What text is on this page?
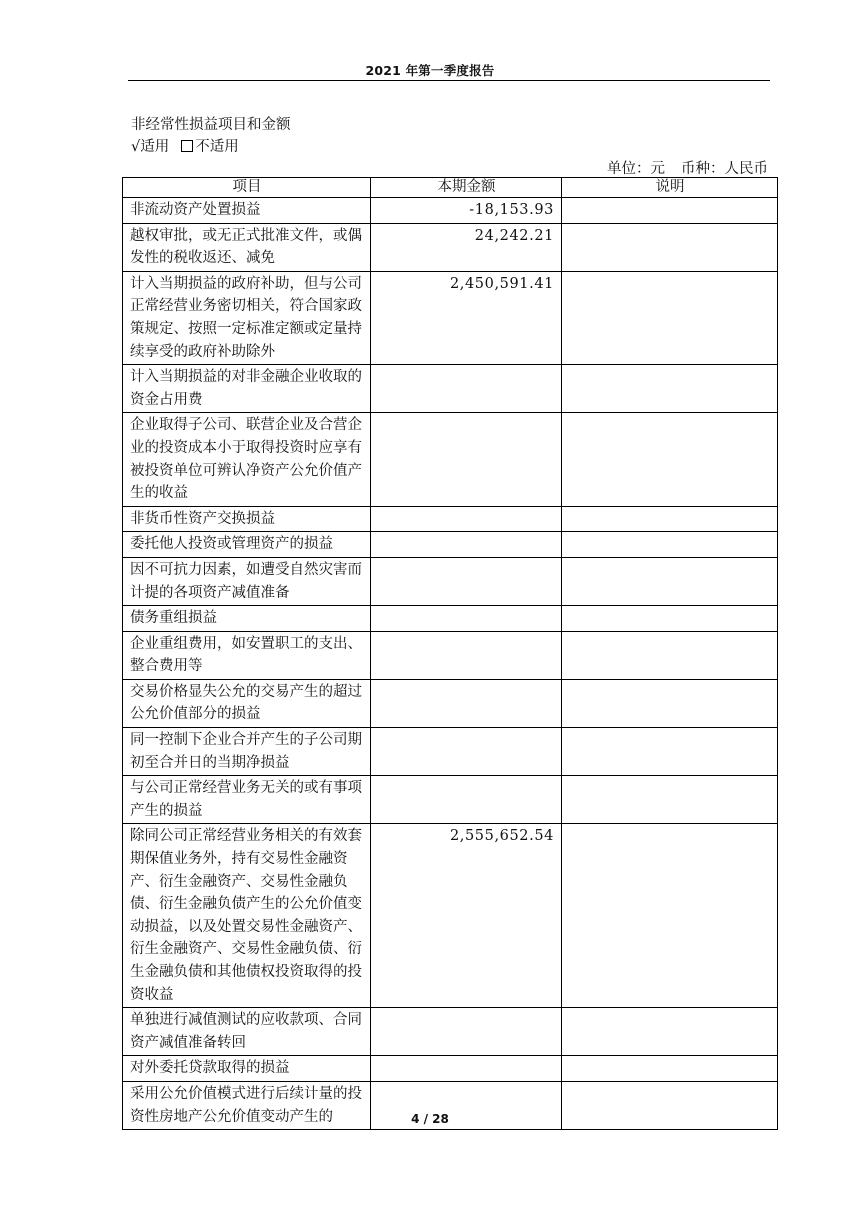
2021 年第一季度报告
非经常性损益项目和金额
√适用 不适用
单位：元 币种：人民币
项目	本期金额	说明
非流动资产处置损益	-18,153.93	
越权审批，或无正式批准文件，或偶发性的税收返还、减免	24,242.21	
计入当期损益的政府补助，但与公司正常经营业务密切相关，符合国家政策规定、按照一定标准定额或定量持续享受的政府补助除外	2,450,591.41	
计入当期损益的对非金融企业收取的资金占用费		
企业取得子公司、联营企业及合营企业的投资成本小于取得投资时应享有被投资单位可辨认净资产公允价值产生的收益		
非货币性资产交换损益		
委托他人投资或管理资产的损益		
因不可抗力因素，如遭受自然灾害而计提的各项资产减值准备		
债务重组损益		
企业重组费用，如安置职工的支出、整合费用等		
交易价格显失公允的交易产生的超过公允价值部分的损益		
同一控制下企业合并产生的子公司期初至合并日的当期净损益		
与公司正常经营业务无关的或有事项产生的损益		
除同公司正常经营业务相关的有效套期保值业务外，持有交易性金融资产、衍生金融资产、交易性金融负债、衍生金融负债产生的公允价值变动损益，以及处置交易性金融资产、衍生金融资产、交易性金融负债、衍生金融负债和其他债权投资取得的投资收益	2,555,652.54	
单独进行减值测试的应收款项、合同资产减值准备转回		
对外委托贷款取得的损益		
采用公允价值模式进行后续计量的投资性房地产公允价值变动产生的			4 / 28
